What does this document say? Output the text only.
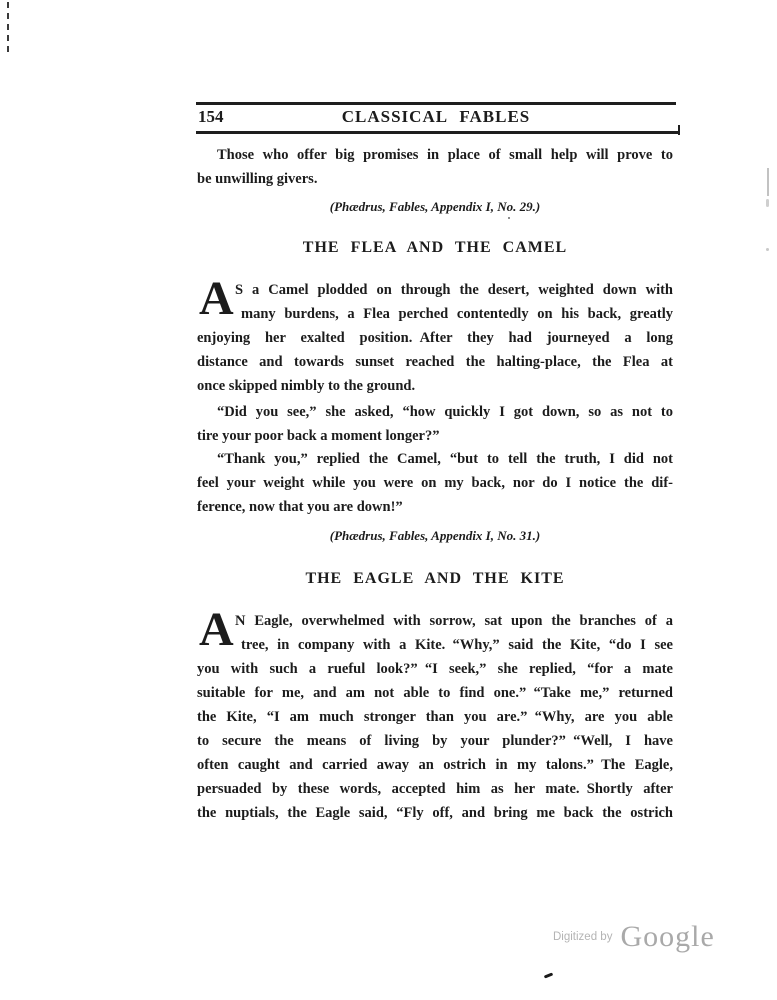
154	CLASSICAL FABLES
Those who offer big promises in place of small help will prove to
be unwilling givers.
(Phædrus, Fables, Appendix I, No. 29.)
THE FLEA AND THE CAMEL
A S a Camel plodded on through the desert, weighted down with
many burdens, a Flea perched contentedly on his back, greatly
enjoying her exalted position. After they had journeyed a long
distance and towards sunset reached the halting-place, the Flea at
once skipped nimbly to the ground.
“Did you see,” she asked, “how quickly I got down, so as not to
tire your poor back a moment longer?”
“Thank you,” replied the Camel, “but to tell the truth, I did not
feel your weight while you were on my back, nor do I notice the dif-
ference, now that you are down!”
(Phædrus, Fables, Appendix I, No. 31.)
THE EAGLE AND THE KITE
A N Eagle, overwhelmed with sorrow, sat upon the branches of a
tree, in company with a Kite. “Why,” said the Kite, “do I see
you with such a rueful look?” “I seek,” she replied, “for a mate
suitable for me, and am not able to find one.” “Take me,” returned
the Kite, “I am much stronger than you are.” “Why, are you able
to secure the means of living by your plunder?” “Well, I have
often caught and carried away an ostrich in my talons.” The Eagle,
persuaded by these words, accepted him as her mate. Shortly after
the nuptials, the Eagle said, “Fly off, and bring me back the ostrich
Digitized by Google
